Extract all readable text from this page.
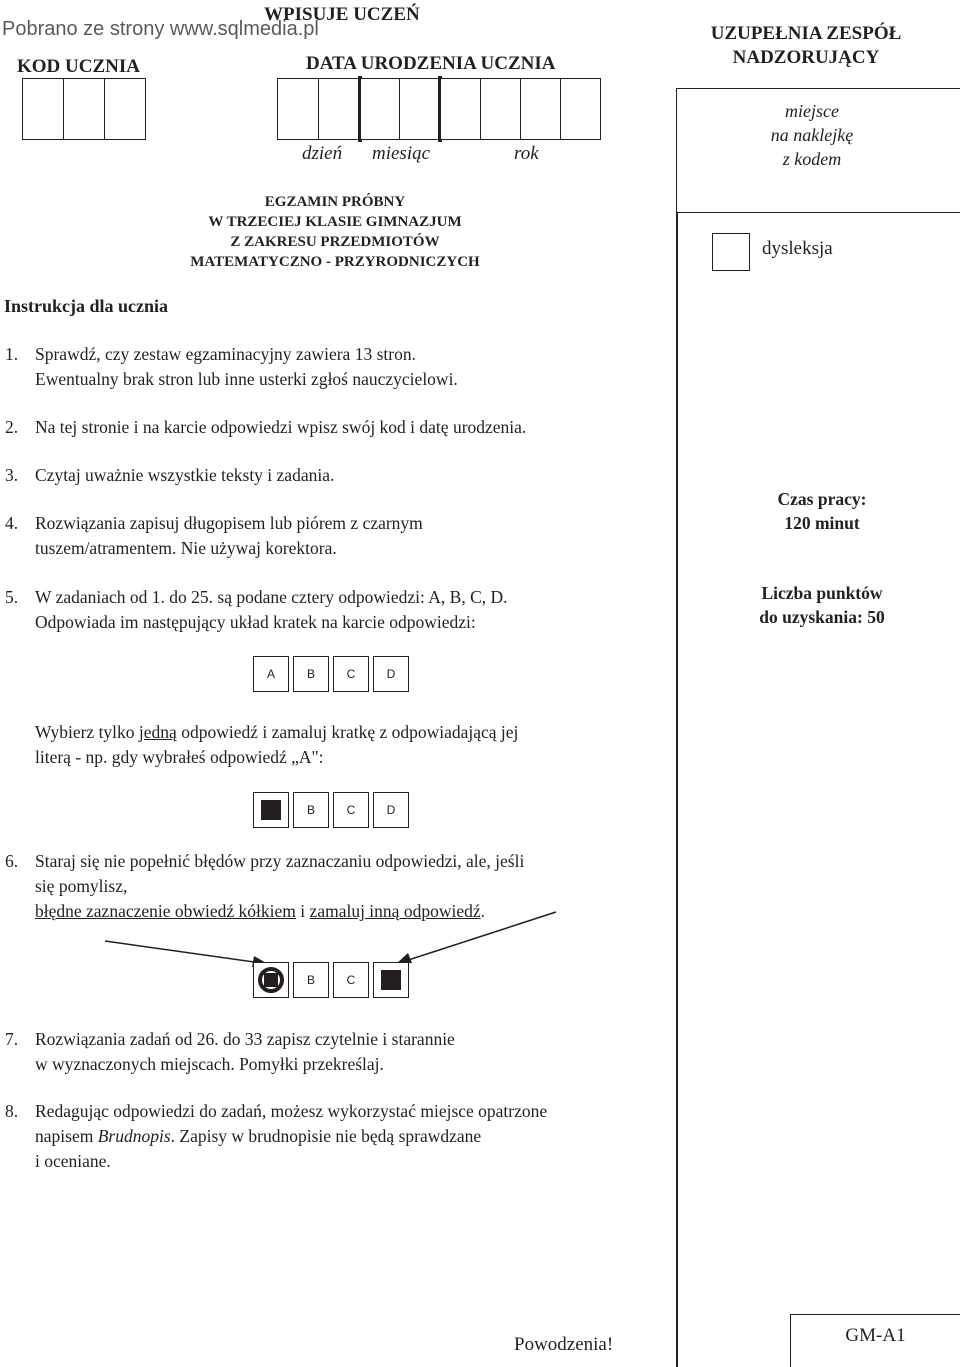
Pobrano ze strony www.sqlmedia.pl
WPISUJE UCZEŃ
KOD UCZNIA	DATA URODZENIA UCZNIA
dzień miesiąc	rok
UZUPEŁNIA ZESPÓŁ
NADZORUJĄCY
miejsce
na naklejkę
z kodem
dysleksja
EGZAMIN PRÓBNY
W TRZECIEJ KLASIE GIMNAZJUM
Z ZAKRESU PRZEDMIOTÓW
MATEMATYCZNO - PRZYRODNICZYCH
Instrukcja dla ucznia
1. Sprawdź, czy zestaw egzaminacyjny zawiera 13 stron.
Ewentualny brak stron lub inne usterki zgłoś nauczycielowi.
2. Na tej stronie i na karcie odpowiedzi wpisz swój kod i datę urodzenia.
3. Czytaj uważnie wszystkie teksty i zadania.
4. Rozwiązania zapisuj długopisem lub piórem z czarnym
tuszem/atramentem. Nie używaj korektora.
5. W zadaniach od 1. do 25. są podane cztery odpowiedzi: A, B, C, D.
Odpowiada im następujący układ kratek na karcie odpowiedzi:
Wybierz tylko jedną odpowiedź i zamaluj kratkę z odpowiadającą jej
literą - np. gdy wybrałeś odpowiedź „A":
6. Staraj się nie popełnić błędów przy zaznaczaniu odpowiedzi, ale, jeśli
się pomylisz,
błędne zaznaczenie obwiedź kółkiem i zamaluj inną odpowiedź.
7. Rozwiązania zadań od 26. do 33 zapisz czytelnie i starannie
w wyznaczonych miejscach. Pomyłki przekreślaj.
8. Redagując odpowiedzi do zadań, możesz wykorzystać miejsce opatrzone
napisem Brudnopis. Zapisy w brudnopisie nie będą sprawdzane
i oceniane.
A	B	C	D
B	C	D
B	C
Czas pracy:
120 minut
Liczba punktów
do uzyskania: 50
Powodzenia!	GM-A1
